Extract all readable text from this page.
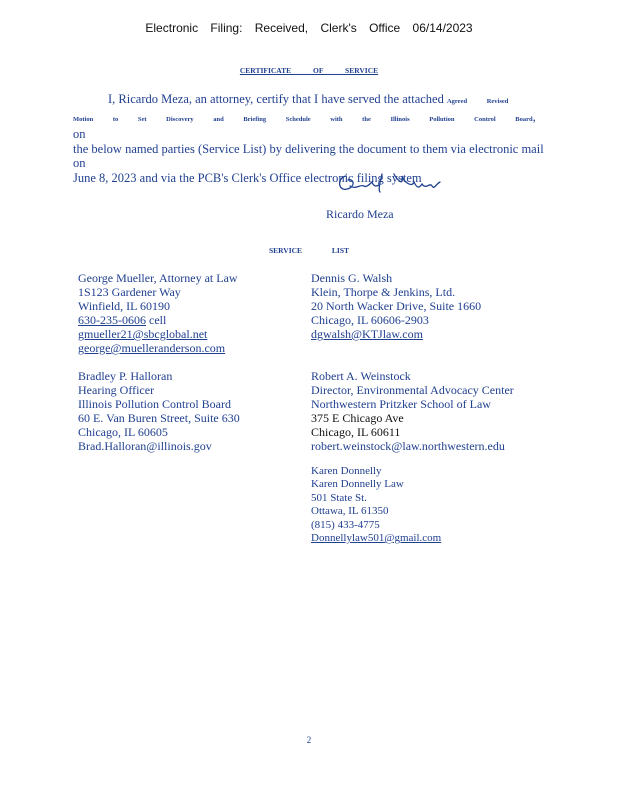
Electronic Filing: Received, Clerk's Office 06/14/2023
CERTIFICATE OF SERVICE
I, Ricardo Meza, an attorney, certify that I have served the attached Agreed Revised
Motion to Set Discovery and Briefing Schedule with the Illinois Pollution Control Board, on
the below named parties (Service List) by delivering the document to them via electronic mail on
June 8, 2023 and via the PCB's Clerk's Office electronic filing system
Ricardo Meza
SERVICE LIST
George Mueller, Attorney at Law
1S123 Gardener Way
Winfield, IL 60190
630-235-0606 cell
gmueller21@sbcglobal.net
george@muelleranderson.com
Dennis G. Walsh
Klein, Thorpe & Jenkins, Ltd.
20 North Wacker Drive, Suite 1660
Chicago, IL 60606-2903
dgwalsh@KTJlaw.com
Bradley P. Halloran
Hearing Officer
Illinois Pollution Control Board
60 E. Van Buren Street, Suite 630
Chicago, IL 60605
Brad.Halloran@illinois.gov
Robert A. Weinstock
Director, Environmental Advocacy Center
Northwestern Pritzker School of Law
375 E Chicago Ave
Chicago, IL 60611
robert.weinstock@law.northwestern.edu
Karen Donnelly
Karen Donnelly Law
501 State St.
Ottawa, IL 61350
(815) 433-4775
Donnellylaw501@gmail.com
2
